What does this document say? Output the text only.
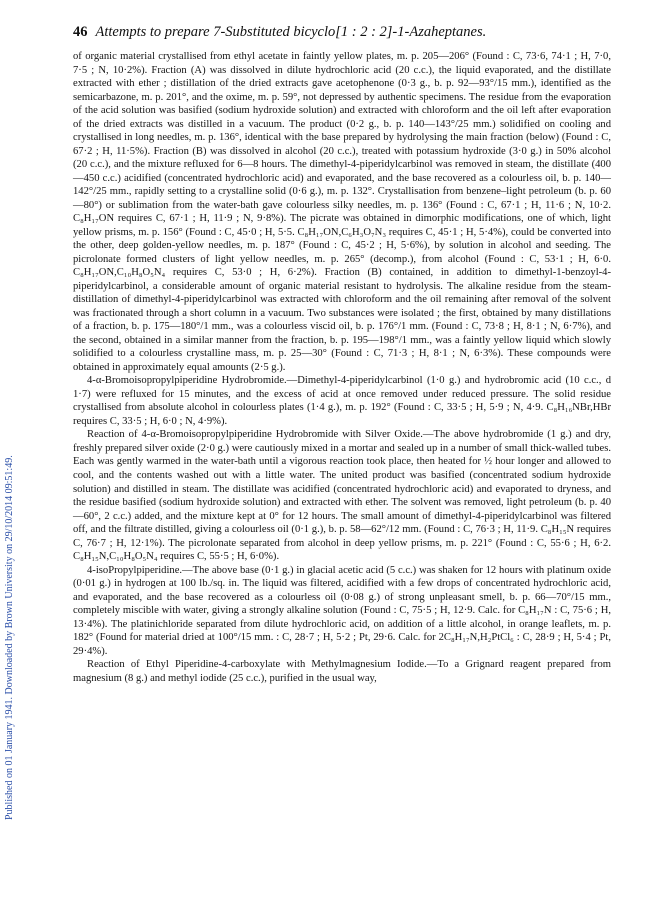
Published on 01 January 1941. Downloaded by Brown University on 29/10/2014 09:51:49.
46 Attempts to prepare 7-Substituted bicyclo[1 : 2 : 2]-1-Azaheptanes.

of organic material crystallised from ethyl acetate in faintly yellow plates, m. p. 205—206° (Found : C, 73·6, 74·1 ; H, 7·0, 7·5 ; N, 10·2%). Fraction (A) was dissolved in dilute hydrochloric acid (20 c.c.), the liquid evaporated, and the distillate extracted with ether ; distillation of the dried extracts gave acetophenone (0·3 g., b. p. 92—93°/15 mm.), identified as the semicarbazone, m. p. 201°, and the oxime, m. p. 59°, not depressed by authentic specimens. The residue from the evaporation of the acid solution was basified (sodium hydroxide solution) and extracted with chloroform and the oil left after evaporation of the dried extracts was distilled in a vacuum. The product (0·2 g., b. p. 140—143°/25 mm.) solidified on cooling and crystallised in long needles, m. p. 136°, identical with the base prepared by hydrolysing the main fraction (below) (Found : C, 67·2 ; H, 11·5%). Fraction (B) was dissolved in alcohol (20 c.c.), treated with potassium hydroxide (3·0 g.) in 50% alcohol (20 c.c.), and the mixture refluxed for 6—8 hours. The dimethyl-4-piperidylcarbinol was removed in steam, the distillate (400—450 c.c.) acidified (concentrated hydrochloric acid) and evaporated, and the base recovered as a colourless oil, b. p. 140—142°/25 mm., rapidly setting to a crystalline solid (0·6 g.), m. p. 132°. Crystallisation from benzene–light petroleum (b. p. 60—80°) or sublimation from the water-bath gave colourless silky needles, m. p. 136° (Found : C, 67·1 ; H, 11·6 ; N, 10·2. C₈H₁₇ON requires C, 67·1 ; H, 11·9 ; N, 9·8%). The picrate was obtained in dimorphic modifications, one of which, light yellow prisms, m. p. 156° (Found : C, 45·0 ; H, 5·5. C₈H₁₇ON,C₆H₃O₇N₃ requires C, 45·1 ; H, 5·4%), could be converted into the other, deep golden-yellow needles, m. p. 187° (Found : C, 45·2 ; H, 5·6%), by solution in alcohol and seeding. The picrolonate formed clusters of light yellow needles, m. p. 265° (decomp.), from alcohol (Found : C, 53·1 ; H, 6·0. C₈H₁₇ON,C₁₀H₈O₅N₄ requires C, 53·0 ; H, 6·2%). Fraction (B) contained, in addition to dimethyl-1-benzoyl-4-piperidylcarbinol, a considerable amount of organic material resistant to hydrolysis. The alkaline residue from the steam-distillation of dimethyl-4-piperidylcarbinol was extracted with chloroform and the oil remaining after removal of the solvent was fractionated through a short column in a vacuum. Two substances were isolated ; the first, obtained by many distillations of a fraction, b. p. 175—180°/1 mm., was a colourless viscid oil, b. p. 176°/1 mm. (Found : C, 73·8 ; H, 8·1 ; N, 6·7%), and the second, obtained in a similar manner from the fraction, b. p. 195—198°/1 mm., was a faintly yellow liquid which slowly solidified to a colourless crystalline mass, m. p. 25—30° (Found : C, 71·3 ; H, 8·1 ; N, 6·3%). These compounds were obtained in approximately equal amounts (2·5 g.).

4-α-Bromoisopropylpiperidine Hydrobromide.—Dimethyl-4-piperidylcarbinol (1·0 g.) and hydrobromic acid (10 c.c., d 1·7) were refluxed for 15 minutes, and the excess of acid at once removed under reduced pressure. The solid residue crystallised from absolute alcohol in colourless plates (1·4 g.), m. p. 192° (Found : C, 33·5 ; H, 5·9 ; N, 4·9. C₈H₁₆NBr,HBr requires C, 33·5 ; H, 6·0 ; N, 4·9%).

Reaction of 4-α-Bromoisopropylpiperidine Hydrobromide with Silver Oxide.—The above hydrobromide (1 g.) and dry, freshly prepared silver oxide (2·0 g.) were cautiously mixed in a mortar and sealed up in a number of small thick-walled tubes. Each was gently warmed in the water-bath until a vigorous reaction took place, then heated for ½ hour longer and allowed to cool, and the contents washed out with a little water. The united product was basified (concentrated sodium hydroxide solution) and distilled in steam. The distillate was acidified (concentrated hydrochloric acid) and evaporated to dryness, and the residue basified (sodium hydroxide solution) and extracted with ether. The solvent was removed, light petroleum (b. p. 40—60°, 2 c.c.) added, and the mixture kept at 0° for 12 hours. The small amount of dimethyl-4-piperidylcarbinol was filtered off, and the filtrate distilled, giving a colourless oil (0·1 g.), b. p. 58—62°/12 mm. (Found : C, 76·3 ; H, 11·9. C₈H₁₅N requires C, 76·7 ; H, 12·1%). The picrolonate separated from alcohol in deep yellow prisms, m. p. 221° (Found : C, 55·6 ; H, 6·2. C₈H₁₅N,C₁₀H₈O₅N₄ requires C, 55·5 ; H, 6·0%).

4-isoPropylpiperidine.—The above base (0·1 g.) in glacial acetic acid (5 c.c.) was shaken for 12 hours with platinum oxide (0·01 g.) in hydrogen at 100 lb./sq. in. The liquid was filtered, acidified with a few drops of concentrated hydrochloric acid, and evaporated, and the base recovered as a colourless oil (0·08 g.) of strong unpleasant smell, b. p. 66—70°/15 mm., completely miscible with water, giving a strongly alkaline solution (Found : C, 75·5 ; H, 12·9. Calc. for C₈H₁₇N : C, 75·6 ; H, 13·4%). The platinichloride separated from dilute hydrochloric acid, on addition of a little alcohol, in orange leaflets, m. p. 182° (Found for material dried at 100°/15 mm. : C, 28·7 ; H, 5·2 ; Pt, 29·6. Calc. for 2C₈H₁₇N,H₂PtCl₆ : C, 28·9 ; H, 5·4 ; Pt, 29·4%).

Reaction of Ethyl Piperidine-4-carboxylate with Methylmagnesium Iodide.—To a Grignard reagent prepared from magnesium (8 g.) and methyl iodide (25 c.c.), purified in the usual way,
